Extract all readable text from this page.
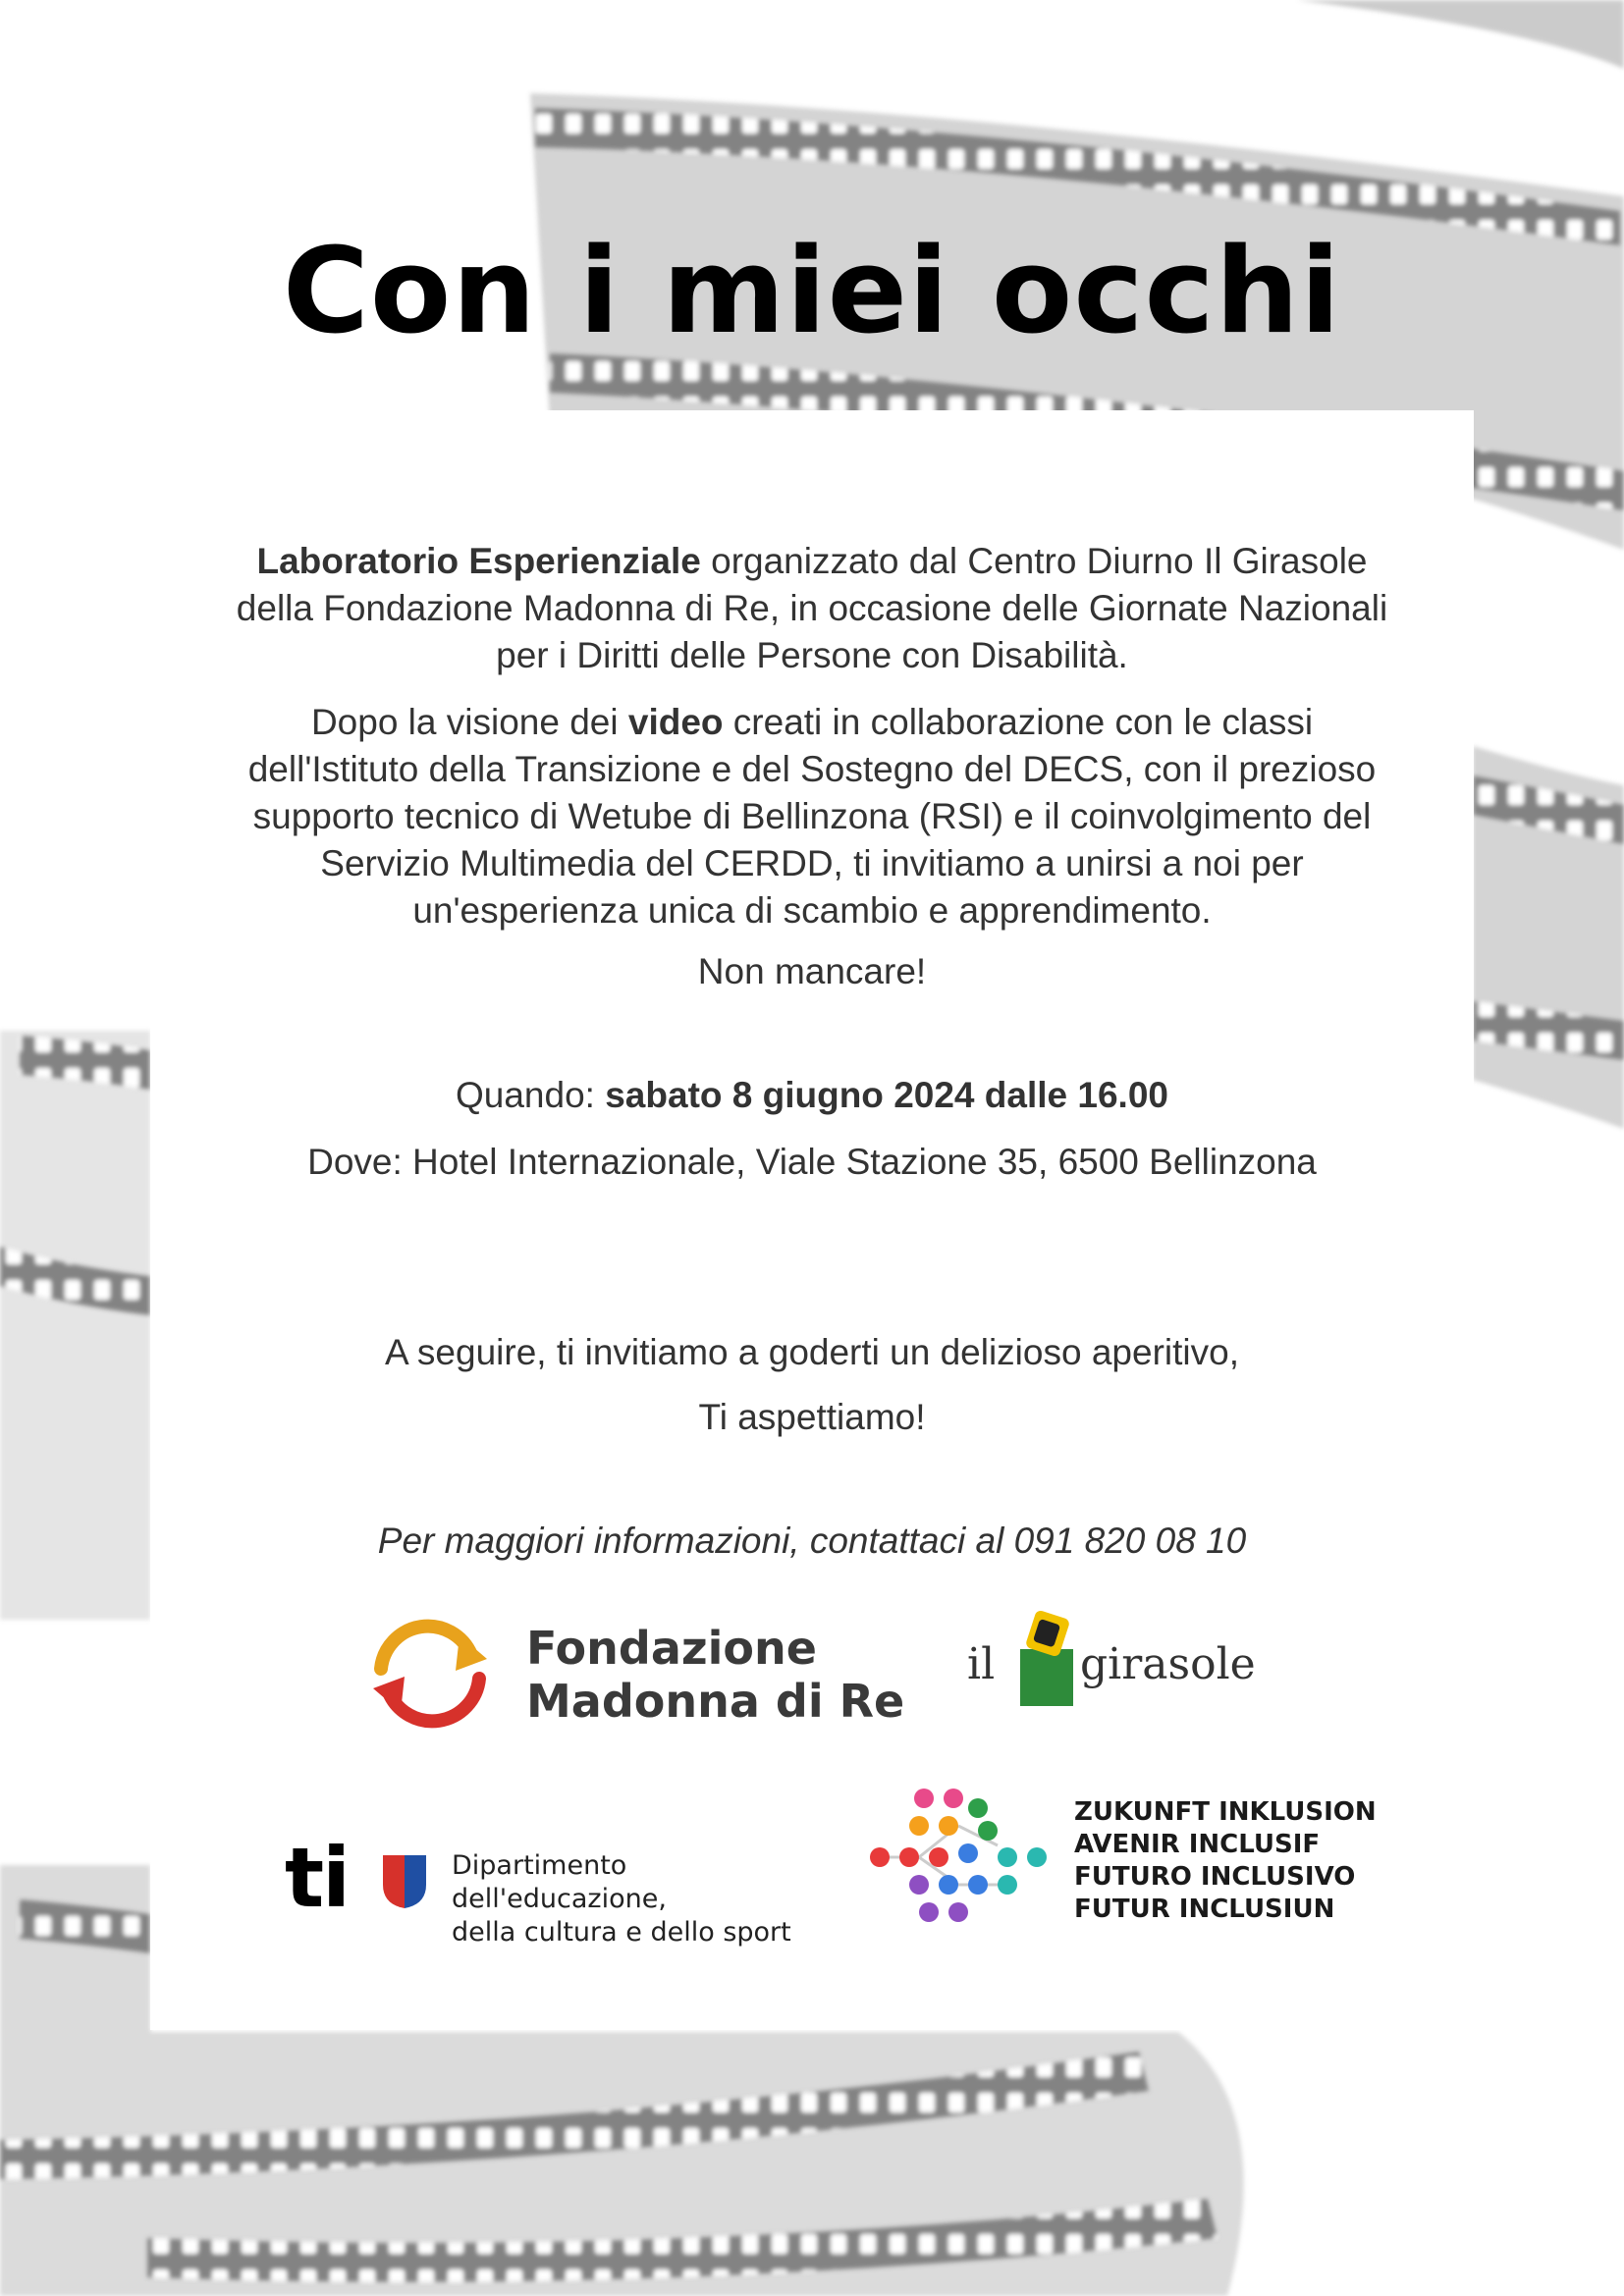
Con i miei occhi
Laboratorio Esperienziale organizzato dal Centro Diurno Il Girasole
della Fondazione Madonna di Re, in occasione delle Giornate Nazionali
per i Diritti delle Persone con Disabilità.
Dopo la visione dei video creati in collaborazione con le classi
dell'Istituto della Transizione e del Sostegno del DECS, con il prezioso
supporto tecnico di Wetube di Bellinzona (RSI) e il coinvolgimento del
Servizio Multimedia del CERDD, ti invitiamo a unirsi a noi per
un'esperienza unica di scambio e apprendimento.
Non mancare!
Quando: sabato 8 giugno 2024 dalle 16.00
Dove: Hotel Internazionale, Viale Stazione 35, 6500 Bellinzona
A seguire, ti invitiamo a goderti un delizioso aperitivo,
Ti aspettiamo!
Per maggiori informazioni, contattaci al 091 820 08 10
Fondazione
Madonna di Re
il girasole
ti	Dipartimento dell'educazione,
della cultura e dello sport
ZUKUNFT INKLUSION
AVENIR INCLUSIF
FUTURO INCLUSIVO
FUTUR INCLUSIUN
